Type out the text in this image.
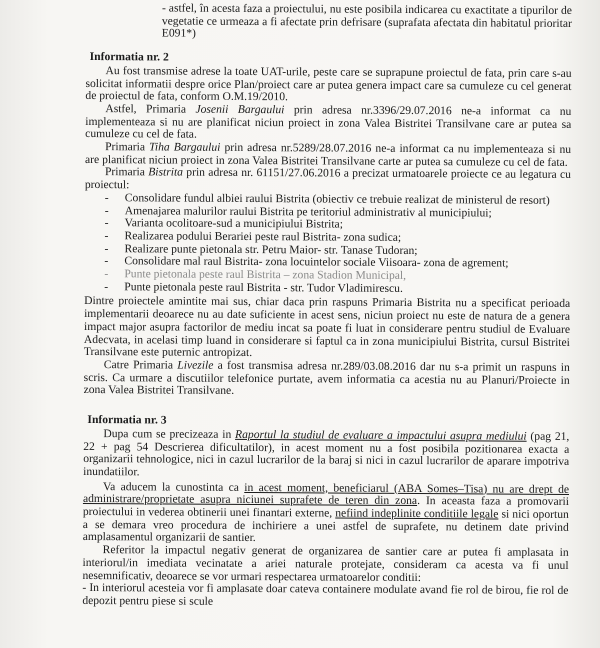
- astfel, în acesta faza a proiectului, nu este posibila indicarea cu exactitate a tipurilor de vegetatie ce urmeaza a fi afectate prin defrisare (suprafata afectata din habitatul prioritar E091*)

Informatia nr. 2

Au fost transmise adrese la toate UAT-urile, peste care se suprapune proiectul de fata, prin care s-au solicitat informatii despre orice Plan/proiect care ar putea genera impact care sa cumuleze cu cel generat de proiectul de fata, conform O.M.19/2010.

Astfel, Primaria Josenii Bargaului prin adresa nr.3396/29.07.2016 ne-a informat ca nu implementeaza si nu are planificat niciun proiect in zona Valea Bistritei Transilvane care ar putea sa cumuleze cu cel de fata.

Primaria Tiha Bargaului prin adresa nr.5289/28.07.2016 ne-a informat ca nu implementeaza si nu are planificat niciun proiect in zona Valea Bistritei Transilvane carte ar putea sa cumuleze cu cel de fata.

Primaria Bistrita prin adresa nr. 61151/27.06.2016 a precizat urmatoarele proiecte ce au legatura cu proiectul:

- Consolidare fundul albiei raului Bistrita (obiectiv ce trebuie realizat de ministerul de resort)
- Amenajarea malurilor raului Bistrita pe teritoriul administrativ al municipiului;
- Varianta ocolitoare-sud a municipiului Bistrita;
- Realizarea podului Berariei peste raul Bistrita- zona sudica;
- Realizare punte pietonala str. Petru Maior- str. Tanase Tudoran;
- Consolidare mal raul Bistrita- zona locuintelor sociale Viisoara- zona de agrement;
- Punte pietonala peste raul Bistrita – zona Stadion Municipal,
- Punte pietonala peste raul Bistrita - str. Tudor Vladimirescu.

Dintre proiectele amintite mai sus, chiar daca prin raspuns Primaria Bistrita nu a specificat perioada implementarii deoarece nu au date suficiente in acest sens, niciun proiect nu este de natura de a genera impact major asupra factorilor de mediu incat sa poate fi luat in considerare pentru studiul de Evaluare Adecvata, in acelasi timp luand in considerare si faptul ca in zona municipiului Bistrita, cursul Bistritei Transilvane este puternic antropizat.

Catre Primaria Livezile a fost transmisa adresa nr.289/03.08.2016 dar nu s-a primit un raspuns in scris. Ca urmare a discutiilor telefonice purtate, avem informatia ca acestia nu au Planuri/Proiecte in zona Valea Bistritei Transilvane.

Informatia nr. 3

Dupa cum se precizeaza in Raportul la studiul de evaluare a impactului asupra mediului (pag 21, 22 + pag 54 Descrierea dificultatilor), in acest moment nu a fost posibila pozitionarea exacta a organizarii tehnologice, nici in cazul lucrarilor de la baraj si nici in cazul lucrarilor de aparare impotriva inundatiilor.

Va aducem la cunostinta ca in acest moment, beneficiarul (ABA Somes–Tisa) nu are drept de administrare/proprietate asupra niciunei suprafete de teren din zona. In aceasta faza a promovarii proiectului in vederea obtinerii unei finantari externe, nefiind indeplinite conditiile legale si nici oportun a se demara vreo procedura de inchiriere a unei astfel de suprafete, nu detinem date privind amplasamentul organizarii de santier.

Referitor la impactul negativ generat de organizarea de santier care ar putea fi amplasata in interiorul/in imediata vecinatate a ariei naturale protejate, consideram ca acesta va fi unul nesemnificativ, deoarece se vor urmari respectarea urmatoarelor conditii:

- In interiorul acesteia vor fi amplasate doar cateva containere modulate avand fie rol de birou, fie rol de depozit pentru piese si scule
